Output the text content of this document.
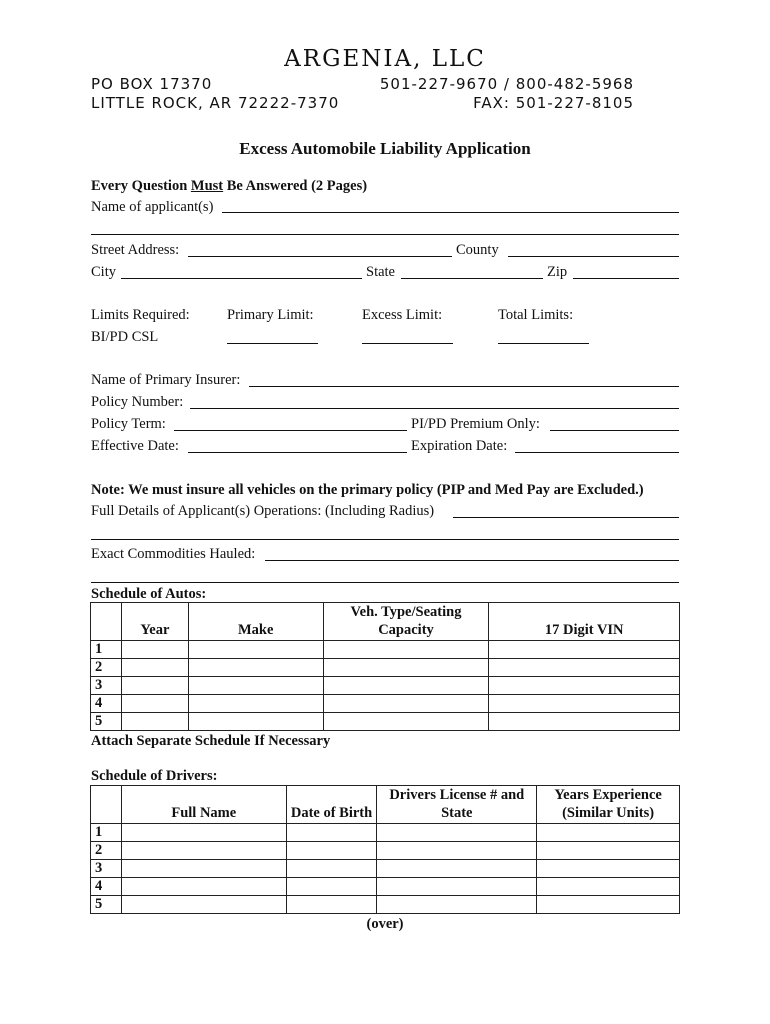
ARGENIA, LLC
PO BOX 17370
LITTLE ROCK, AR 72222-7370
501-227-9670 / 800-482-5968
FAX: 501-227-8105
Excess Automobile Liability Application
Every Question Must Be Answered (2 Pages)
Name of applicant(s)
Street Address:	County
City	State	Zip
Limits Required:
BI/PD CSL
Primary Limit:	Excess Limit:	Total Limits:
Name of Primary Insurer:
Policy Number:
Policy Term:	PI/PD Premium Only:
Effective Date:	Expiration Date:
Note: We must insure all vehicles on the primary policy (PIP and Med Pay are Excluded.)
Full Details of Applicant(s) Operations: (Including Radius)
Exact Commodities Hauled:
Schedule of Autos:
	Year	Make	Veh. Type/Seating Capacity	17 Digit VIN
1				
2				
3				
4				
5				
Attach Separate Schedule If Necessary
Schedule of Drivers:
	Full Name	Date of Birth	Drivers License # and State	Years Experience (Similar Units)
1				
2				
3				
4				
5				
(over)
